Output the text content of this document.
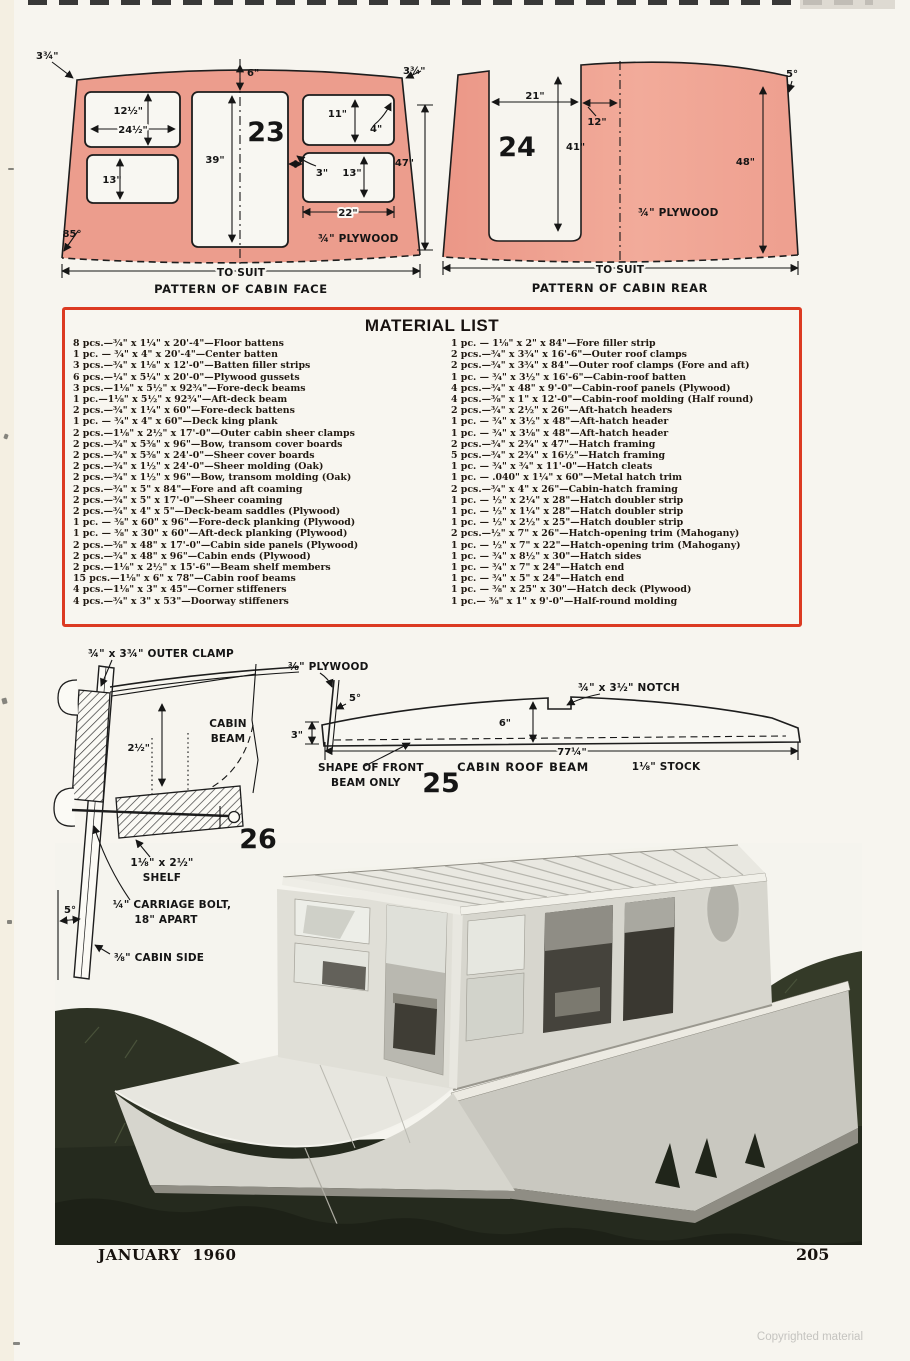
3¾"
6"
12½"
24½"
13"
39"
11"
4"
3" 13"
22"
47"
3¾"
85°	¾" PLYWOOD
23
TO SUIT
PATTERN OF CABIN FACE
21"
12"
41"
48"
5°
¾" PLYWOOD
24
TO SUIT
PATTERN OF CABIN REAR
MATERIAL LIST
8 pcs.—¾" x 1¼" x 20'-4"—Floor battens
1 pc. — ¾" x 4" x 20'-4"—Center batten
3 pcs.—¾" x 1⅛" x 12'-0"—Batten filler strips
6 pcs.—¼" x 5¼" x 20'-0"—Plywood gussets
3 pcs.—1⅛" x 5½" x 92¾"—Fore-deck beams
1 pc.—1⅛" x 5½" x 92¾"—Aft-deck beam
2 pcs.—¾" x 1¼" x 60"—Fore-deck battens
1 pc. — ¾" x 4" x 60"—Deck king plank
2 pcs.—1⅛" x 2½" x 17'-0"—Outer cabin sheer clamps
2 pcs.—¾" x 5⅜" x 96"—Bow, transom cover boards
2 pcs.—¾" x 5⅜" x 24'-0"—Sheer cover boards
2 pcs.—¾" x 1½" x 24'-0"—Sheer molding (Oak)
2 pcs.—¾" x 1½" x 96"—Bow, transom molding (Oak)
2 pcs.—¾" x 5" x 84"—Fore and aft coaming
2 pcs.—¾" x 5" x 17'-0"—Sheer coaming
2 pcs.—¾" x 4" x 5"—Deck-beam saddles (Plywood)
1 pc. — ⅜" x 60" x 96"—Fore-deck planking (Plywood)
1 pc. — ⅜" x 30" x 60"—Aft-deck planking (Plywood)
2 pcs.—⅜" x 48" x 17'-0"—Cabin side panels (Plywood)
2 pcs.—¾" x 48" x 96"—Cabin ends (Plywood)
2 pcs.—1⅛" x 2½" x 15'-6"—Beam shelf members
15 pcs.—1⅛" x 6" x 78"—Cabin roof beams
4 pcs.—1⅛" x 3" x 45"—Corner stiffeners
4 pcs.—¾" x 3" x 53"—Doorway stiffeners
1 pc. — 1⅛" x 2" x 84"—Fore filler strip
2 pcs.—¾" x 3¾" x 16'-6"—Outer roof clamps
2 pcs.—¾" x 3¾" x 84"—Outer roof clamps (Fore and aft)
1 pc. — ¾" x 3½" x 16'-6"—Cabin-roof batten
4 pcs.—¾" x 48" x 9'-0"—Cabin-roof panels (Plywood)
4 pcs.—⅜" x 1" x 12'-0"—Cabin-roof molding (Half round)
2 pcs.—¾" x 2½" x 26"—Aft-hatch headers
1 pc. — ¾" x 3½" x 48"—Aft-hatch header
1 pc. — ¾" x 3⅛" x 48"—Aft-hatch header
2 pcs.—¾" x 2¾" x 47"—Hatch framing
5 pcs.—¾" x 2¾" x 16½"—Hatch framing
1 pc. — ¾" x ¾" x 11'-0"—Hatch cleats
1 pc. — .040" x 1¼" x 60"—Metal hatch trim
2 pcs.—¾" x 4" x 26"—Cabin-hatch framing
1 pc. — ½" x 2¼" x 28"—Hatch doubler strip
1 pc. — ½" x 1¼" x 28"—Hatch doubler strip
1 pc. — ½" x 2½" x 25"—Hatch doubler strip
2 pcs.—½" x 7" x 26"—Hatch-opening trim (Mahogany)
1 pc. — ½" x 7" x 22"—Hatch-opening trim (Mahogany)
1 pc. — ¾" x 8½" x 30"—Hatch sides
1 pc. — ¾" x 7" x 24"—Hatch end
1 pc. — ¾" x 5" x 24"—Hatch end
1 pc. — ⅜" x 25" x 30"—Hatch deck (Plywood)
1 pc.— ⅜" x 1" x 9'-0"—Half-round molding
¾" x 3¾" OUTER CLAMP
⅜" PLYWOOD
CABIN
BEAM
2½"
1⅛" x 2½"
SHELF
¼" CARRIAGE BOLT,
18" APART
5°
⅜" CABIN SIDE
26
5°
3"
6"
¾" x 3½" NOTCH
77¼"
SHAPE OF FRONT
BEAM ONLY 25
CABIN ROOF BEAM	1⅛" STOCK
JANUARY 1960	205
Copyrighted material
